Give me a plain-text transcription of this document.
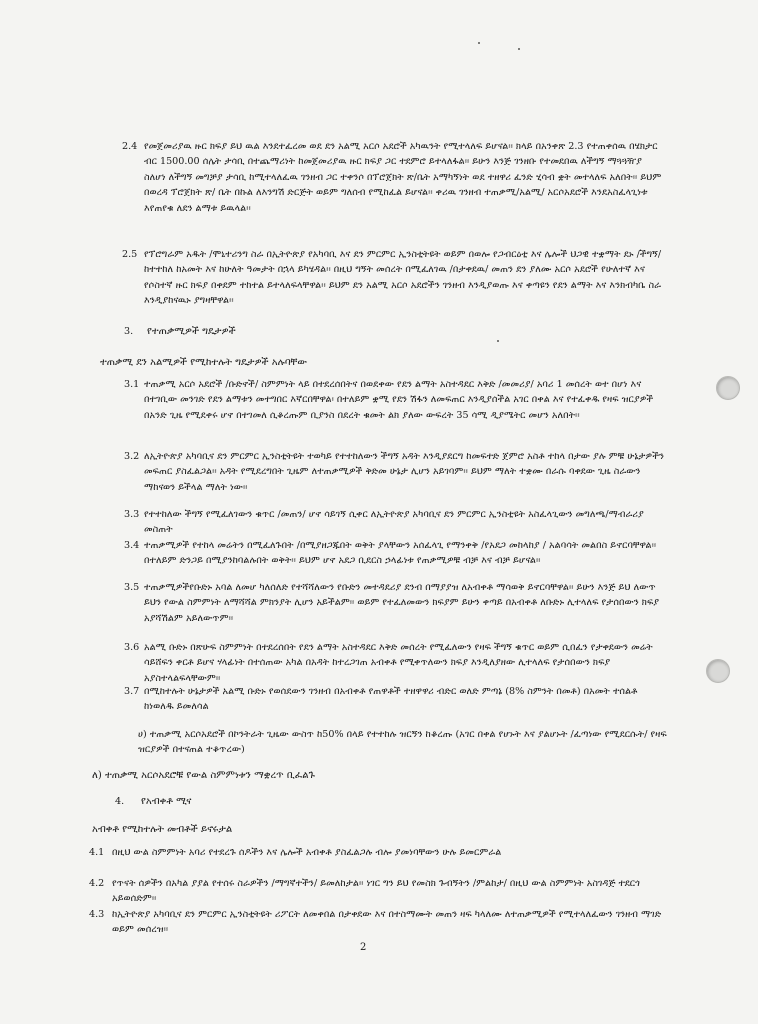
2.4 የመጀመሪያዉ ዙር ክፍያ ይህ ዉል እንደተፈረመ ወደ ደን አልሚ አርሶ አደሮች አካዉንት የሚተላለፍ ይሆናል፡፡ ክላይ በአንቀጽ 2.3 የተጠቀሰዉ በሄክታር ብር 1500.00 ሰሌት ታሳቢ በተጨማሪነት ከመጀመሪያዉ ዙር ክፍያ ጋር ተደምሮ ይተላለፋል፡፡ ይሁን እንጅ ገንዘቡ የተመደበዉ ለችግኝ ማጓጓዥያ ስለሆነ ለችግኝ መግቻያ ታሳቢ ከሚተላለፈዉ ገንዘብ ጋር ተቀንሶ በፕሮጀክት ጽ/ቤት አማካኝነት ወደ ተዘዋሪ ፈንድ ሂሳብ ቋት መተላለፍ አለበት፡፡ ይህም በወረዳ ፕሮጀክት ጽ/ ቤት በኩል ለእንግሽ ድርጅት ወይም ግለሰብ የሚከፈል ይሆናል፡፡ ቀሪዉ ገንዘብ ተጠቃሚ/አልሚ/ አርሶአደሮች እንደአስፈላጊነቱ እየጠየቁ ለደን ልማቱ ይዉላል፡፡
2.5 የፕሮግራም አዱት /ሞኒተሪንግ ስራ በኢትዮጵያ የአካባቢ እና ደን ምርምር ኢንስቲትዩት ወይም በወሎ የጋብርዕቲ እና ሌሎች ህጋዊ ተቋማት ደኑ /ችግኝ/ ከተተከለ ከአመት እና ከሁለት ዓመታት በኋላ ይካሄዳል፡፡ በዚህ ግኝት መሰረት በሚፈለገዉ /በታቀደዉ/ መጠን ደን ያለሙ አርሶ አደሮች የሁለተኛ እና የሶስተኛ ዙር ክፍያ በቀደም ተከተል ይተላለፍላቸዋል፡፡ ይህም ደን አልሚ አርሶ አደሮችን ገንዘብ እንዲያወጡ እና ቀጣዩን የደን ልማት እና እንክብካቤ ስራ እንዲያከናዉኑ ያግዛቸዋል፡፡
3. የተጠቃሚዎች ግዴታዎች
ተጠቃሚ ደን አልሚዎች የሚከተሉት ግዴታዎች አሉባቸው
3.1 ተጠቃሚ አርሶ አደሮች /ቡድኖች/ ስምምነት ላይ በተደረሰበትና በወደቀው የደን ልማት አስተዳደር እቅድ /መመሪያ/ አባሪ 1 መሰረት ወተ በሆነ እና በተገቢው መንገድ የደን ልማቱን መተግበር እኛርበቸዋል፡ በተለይም ቋሚ የደን ሽፋን ለመፍጠር እንዲያሰችል አገር በቀል እና የተፈቀዱ የዛፍ ዝርያዎች በአንድ ጊዜ የሚደቀሩ ሆኖ በተገመለ ሲቆረጡም ቢያንስ በደረት ቁመት ልክ ያለው ውፍረት 35 ሳሚ ዲያሜትር መሆን አለበት፡፡
3.2 ለኢትዮጵያ አካባቢና ደን ምርምር ኢንስቲትዩት ተወካይ የተተከለውን ችግኝ አዳት እንዲያደርግ ከመፍተድ ጀምሮ አስቶ ተከላ በታው ያሉ ምቹ ሁኔታዎችን መፍጠር ያስፈልጋል፡፡ አዳት የሚደረግበት ጊዜም ለተጠቃሚዎች ቅድመ ሁኔታ ሊሆን አይገባም፡፡ ይህም ማለት ተቋሙ በራሱ ባቀደው ጊዜ ስራውን ማከናወን ይችላል ማለት ነው፡፡
3.3 የተተከለው ችግኝ የሚፈለገውን ቁጥር /መጠን/ ሆኖ ሳይገኝ ሲቀር ለኢትዮጵያ አካባቢና ደን ምርምር ኢንስቲዩት አስፈላጊውን መግለጫ/ማብራሪያ መስጠት
3.4 ተጠቃሚዎች የተከላ መሬትን በሚፈለጉበት /በሚያዘጋጁበት ወቅት ያላቸውን አሰፈላጊ የማንቀቅ /የአደጋ መከላከያ / አልባሳት መልበስ ይኖርባቸዋል፡፡ በተለይም ድንጋይ በሚያንከባልሉበት ወቅት፡፡ ይህም ሆኖ አደጋ ቢደርስ ኃላፊነቱ የጠቃሚዎቹ ብቻ እና ብቻ ይሆናል፡፡
3.5 ተጠቃሚዎችየቡድኑ አባል ለመሆ ካለሰለድ የተሻሻለውን የቡድን መተዳደሪያ ደንብ በማያያዝ ለአብቀቶ ማሳወቅ ይኖርባቸዋል፡፡ ይሁን እንጅ ይህ ለውጥ ይህን የውል ስምምነት ለማሻሻል ምክንያት ሊሆን አይችልም፡፡ ወይም የተፈለመውን ክፍያም ይሁን ቀጣይ በአብቀቶ ለቡድኑ ሊተላለፍ የታሰበውን ክፍያ አያሻሽልም አይለውጥም፡፡
3.6 አልሚ ቡድኑ በጽሁፍ ስምምነት በተደረሰበት የደን ልማት አስተዳደር እቅድ መሰረት የሚፈለውን የዛፍ ችግኝ ቁጥር ወይም ሲበፈን የታቀደውን መሬት ሳይሸፍን ቀርቶ ይሆና ሃላፊነት በተሰጠው አካል በአዳት ከተረጋገጠ አብቀቶ የሚቀጥለውን ክፍያ እንዲለያዘው ሊተላለፍ የታሰበውን ክፍያ አያስተላልፍላቸውም፡፡
3.7 በሚከተሉት ሁኔታዎች አልሚ ቡድኑ የወሰደውን ገንዘብ በአብቀቶ የጠዋቶች ተዘዋዋሪ ብድር ወለድ ምጣኔ (8% ስምንት በመቶ) በአመት ተሰልቶ ከነወለዱ ይመለሳል
ሀ) ተጠቃሚ አርሶአደሮች በኮንትራት ጊዜው ውስጥ ከ50% በላይ የተተከሉ ዝርኝን ከቆረጡ (አገር በቀል የሆኑት እና ያልሆኑት /ፈጣነው የሚደርሱት/ የዛፍ ዝርያዎች በተናጠል ተቆጥረው)
ለ) ተጠቃሚ አርሶአደሮቹ የውል ስምምነቱን ማቋረጥ ቢፈልጉ
4. የአብቀቶ ሚና
አብቀቶ የሚከተሉት መብቶች ይኖሩታል
4.1 በዚህ ውል ስምምነት አባሪ የተደረጉ ሰዶችን እና ሌሎች አብቀቶ ያስፈልጋሉ ብሎ ያመነባቸውን ሁሉ ይመርምራል
4.2 የጥናት ሰዎችን በአካል ያያል የተሰሩ ስራዎችን /ማግኛተችን/ ይመለከታል፡፡ ነገር ግን ይህ የመስክ ጉብኝትን /ምልከታ/ በዚህ ውል ስምምነት አስገዳጅ ተደርጎ አይወሰድም፡፡
4.3 ከኢትዮጵያ አካባቢና ደን ምርምር ኢንስቲትዩት ሪፖርት ለመቀበል በታቀደው እና በተስማሙት መጠን ዛፍ ካላለሙ ለተጠቃሚዎች የሚተላለፈውን ገንዘብ ማገድ ወይም መሰረዝ፡፡
2
